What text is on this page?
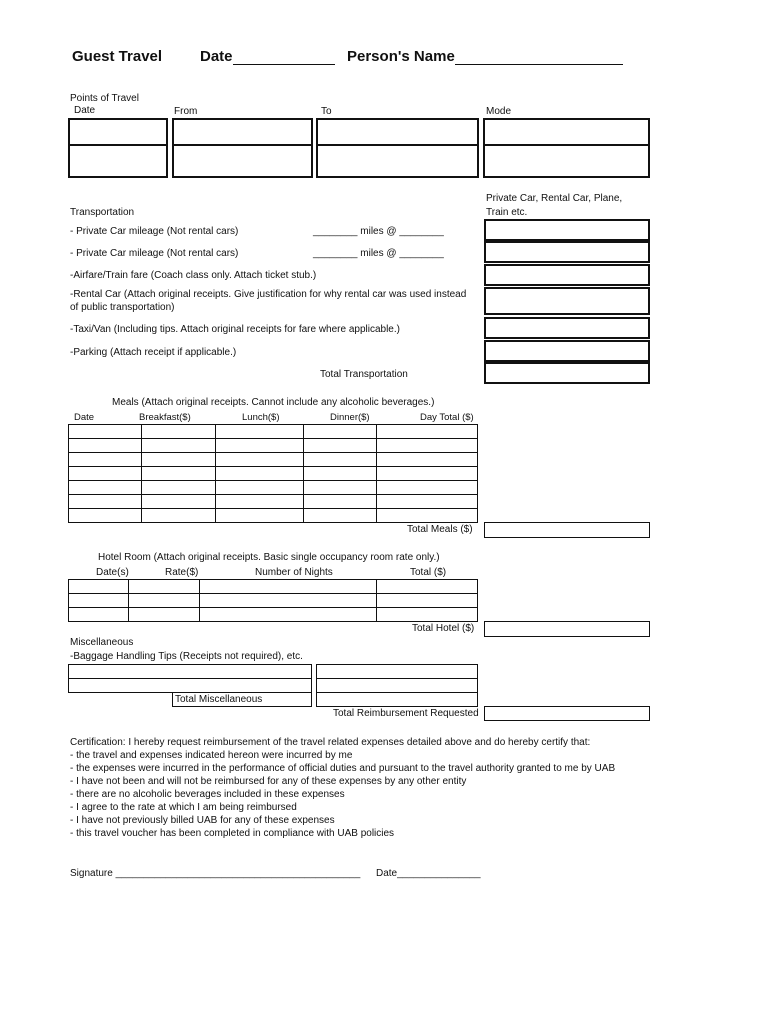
Guest Travel	Date	Person's Name
Points of Travel
Date	From	To	Mode
Private Car, Rental Car, Plane, Train etc.
Transportation
- Private Car mileage (Not rental cars)	________ miles @ ________
- Private Car mileage (Not rental cars)	________ miles @ ________
-Airfare/Train fare (Coach class only. Attach ticket stub.)
-Rental Car (Attach original receipts. Give justification for why rental car was used instead
of public transportation)
-Taxi/Van (Including tips. Attach original receipts for fare where applicable.)
-Parking (Attach receipt if applicable.)
Total Transportation
Meals (Attach original receipts. Cannot include any alcoholic beverages.)
Date	Breakfast($)	Lunch($)	Dinner($)	Day Total ($)

Total Meals ($)
Hotel Room (Attach original receipts. Basic single occupancy room rate only.)
Date(s)	Rate($)	Number of Nights	Total ($)

Total Hotel ($)
Miscellaneous
-Baggage Handling Tips (Receipts not required), etc.

Total Miscellaneous
Total Reimbursement Requested
Certification: I hereby request reimbursement of the travel related expenses detailed above and do hereby certify that:
- the travel and expenses indicated hereon were incurred by me
- the expenses were incurred in the performance of official duties and pursuant to the travel authority granted to me by UAB
- I have not been and will not be reimbursed for any of these expenses by any other entity
- there are no alcoholic beverages included in these expenses
- I agree to the rate at which I am being reimbursed
- I have not previously billed UAB for any of these expenses
- this travel voucher has been completed in compliance with UAB policies
Signature ____________________________________________ Date_______________
